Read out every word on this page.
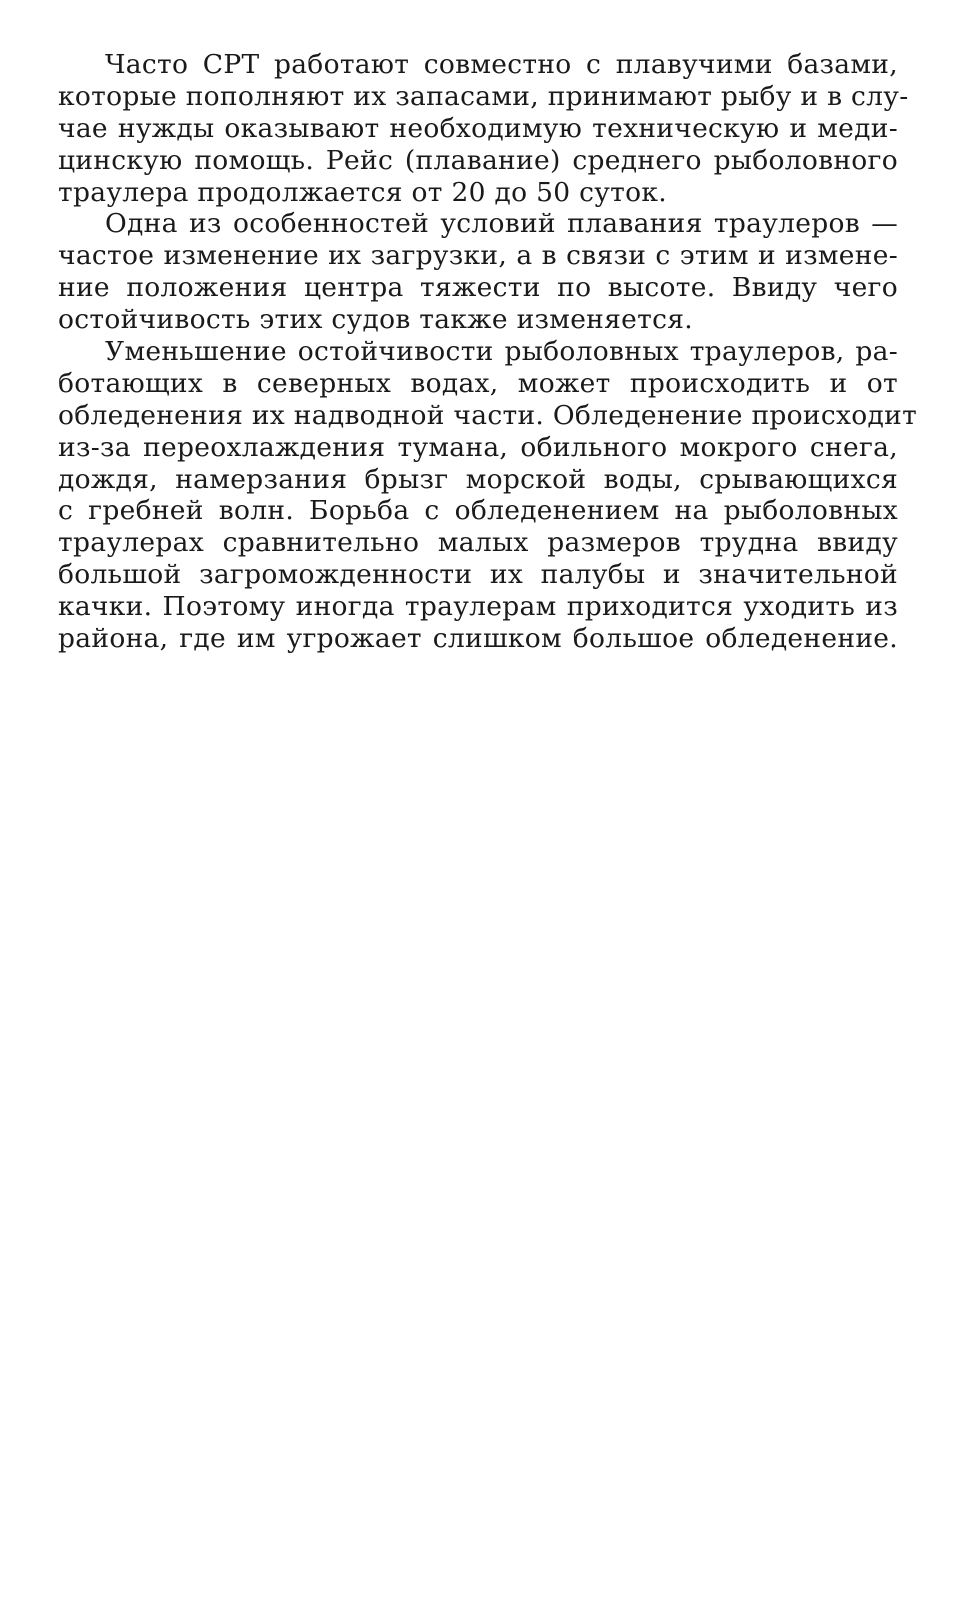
Часто СРТ работают совместно с плавучими базами,
которые пополняют их запасами, принимают рыбу и в слу-
чае нужды оказывают необходимую техническую и меди-
цинскую помощь. Рейс (плавание) среднего рыболовного
траулера продолжается от 20 до 50 суток.
Одна из особенностей условий плавания траулеров —
частое изменение их загрузки, а в связи с этим и измене-
ние положения центра тяжести по высоте. Ввиду чего
остойчивость этих судов также изменяется.
Уменьшение остойчивости рыболовных траулеров, ра-
ботающих в северных водах, может происходить и от
обледенения их надводной части. Обледенение происходит
из-за переохлаждения тумана, обильного мокрого снега,
дождя, намерзания брызг морской воды, срывающихся
с гребней волн. Борьба с обледенением на рыболовных
траулерах сравнительно малых размеров трудна ввиду
большой загроможденности их палубы и значительной
качки. Поэтому иногда траулерам приходится уходить из
района, где им угрожает слишком большое обледенение.
